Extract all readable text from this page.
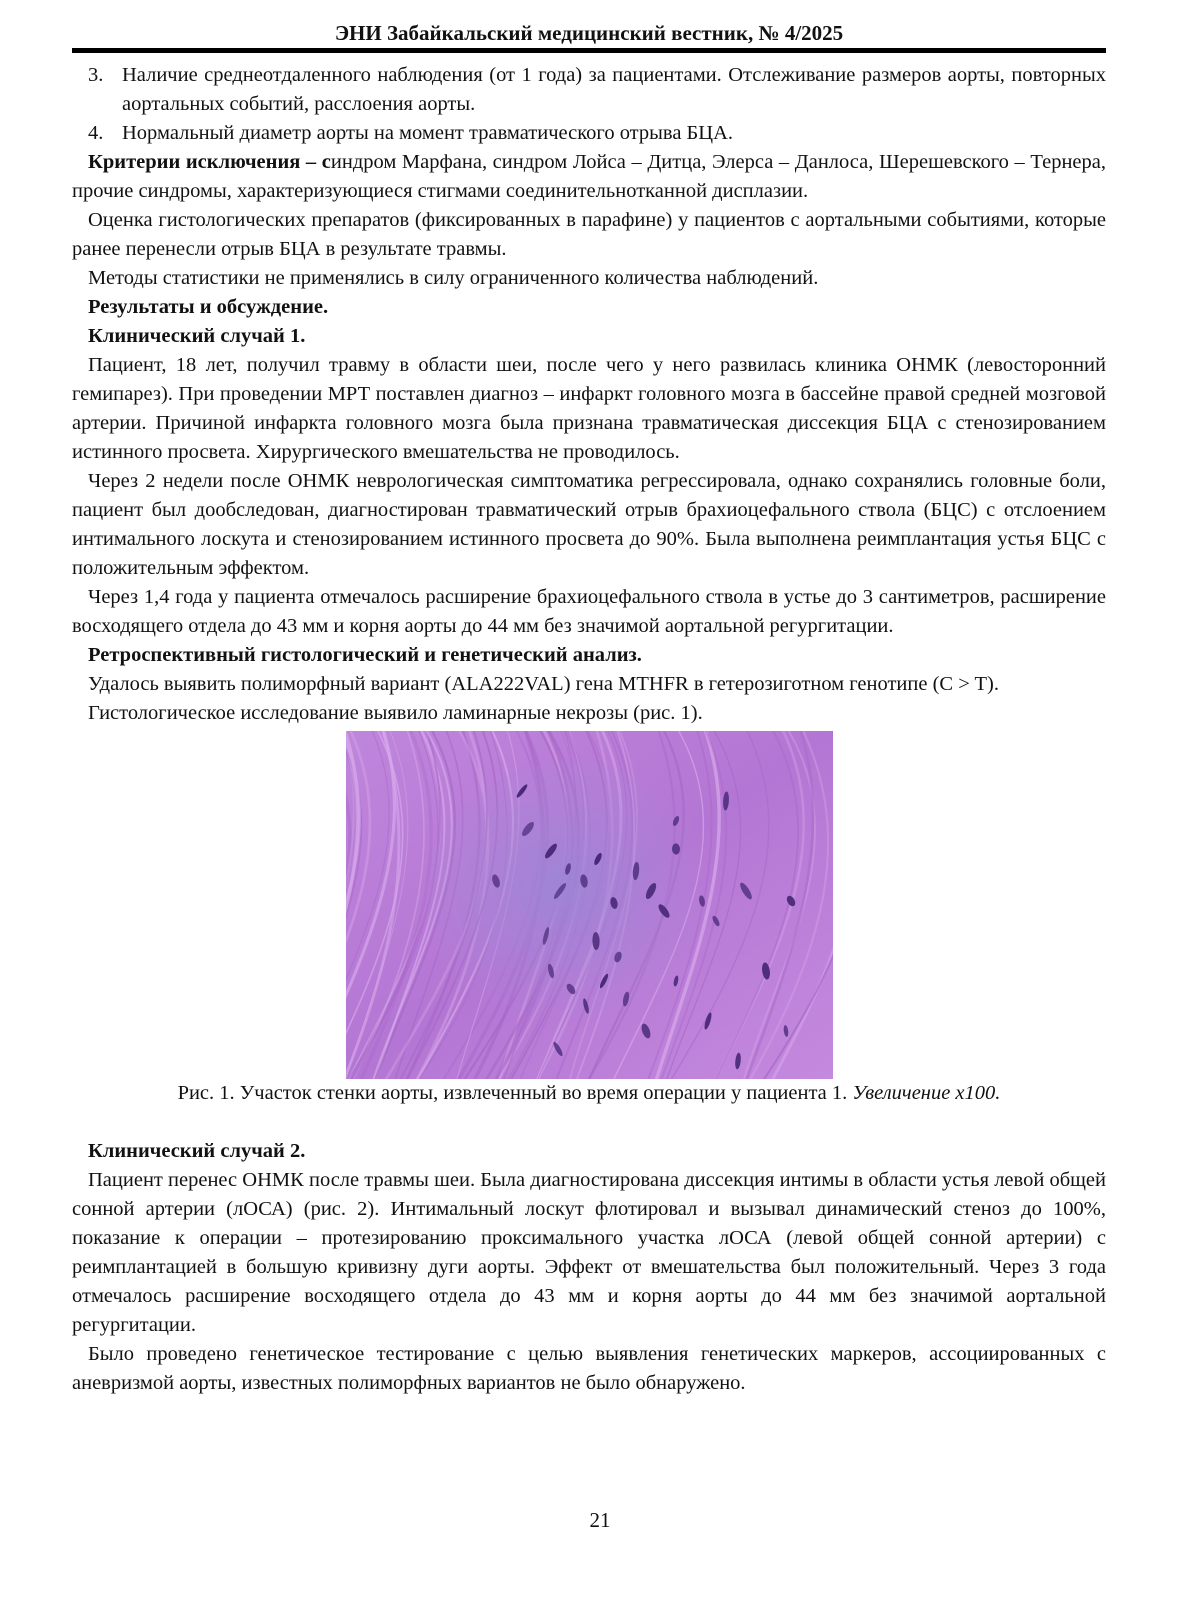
ЭНИ Забайкальский медицинский вестник, № 4/2025
3. Наличие среднеотдаленного наблюдения (от 1 года) за пациентами. Отслеживание размеров аорты, повторных аортальных событий, расслоения аорты.
4. Нормальный диаметр аорты на момент травматического отрыва БЦА.

Критерии исключения – синдром Марфана, синдром Лойса – Дитца, Элерса – Данлоса, Шерешевского – Тернера, прочие синдромы, характеризующиеся стигмами соединительнотканной дисплазии.

Оценка гистологических препаратов (фиксированных в парафине) у пациентов с аортальными событиями, которые ранее перенесли отрыв БЦА в результате травмы.

Методы статистики не применялись в силу ограниченного количества наблюдений.

Результаты и обсуждение.

Клинический случай 1.

Пациент, 18 лет, получил травму в области шеи, после чего у него развилась клиника ОНМК (левосторонний гемипарез). При проведении МРТ поставлен диагноз – инфаркт головного мозга в бассейне правой средней мозговой артерии. Причиной инфаркта головного мозга была признана травматическая диссекция БЦА с стенозированием истинного просвета. Хирургического вмешательства не проводилось.

Через 2 недели после ОНМК неврологическая симптоматика регрессировала, однако сохранялись головные боли, пациент был дообследован, диагностирован травматический отрыв брахиоцефального ствола (БЦС) с отслоением интимального лоскута и стенозированием истинного просвета до 90%. Была выполнена реимплантация устья БЦС с положительным эффектом.

Через 1,4 года у пациента отмечалось расширение брахиоцефального ствола в устье до 3 сантиметров, расширение восходящего отдела до 43 мм и корня аорты до 44 мм без значимой аортальной регургитации.

Ретроспективный гистологический и генетический анализ.

Удалось выявить полиморфный вариант (ALA222VAL) гена MTHFR в гетерозиготном генотипе (C > T).

Гистологическое исследование выявило ламинарные некрозы (рис. 1).

Рис. 1. Участок стенки аорты, извлеченный во время операции у пациента 1. Увеличение х100.

Клинический случай 2.

Пациент перенес ОНМК после травмы шеи. Была диагностирована диссекция интимы в области устья левой общей сонной артерии (лОСА) (рис. 2). Интимальный лоскут флотировал и вызывал динамический стеноз до 100%, показание к операции – протезированию проксимального участка лОСА (левой общей сонной артерии) с реимплантацией в большую кривизну дуги аорты. Эффект от вмешательства был положительный. Через 3 года отмечалось расширение восходящего отдела до 43 мм и корня аорты до 44 мм без значимой аортальной регургитации.

Было проведено генетическое тестирование с целью выявления генетических маркеров, ассоциированных с аневризмой аорты, известных полиморфных вариантов не было обнаружено.

21
